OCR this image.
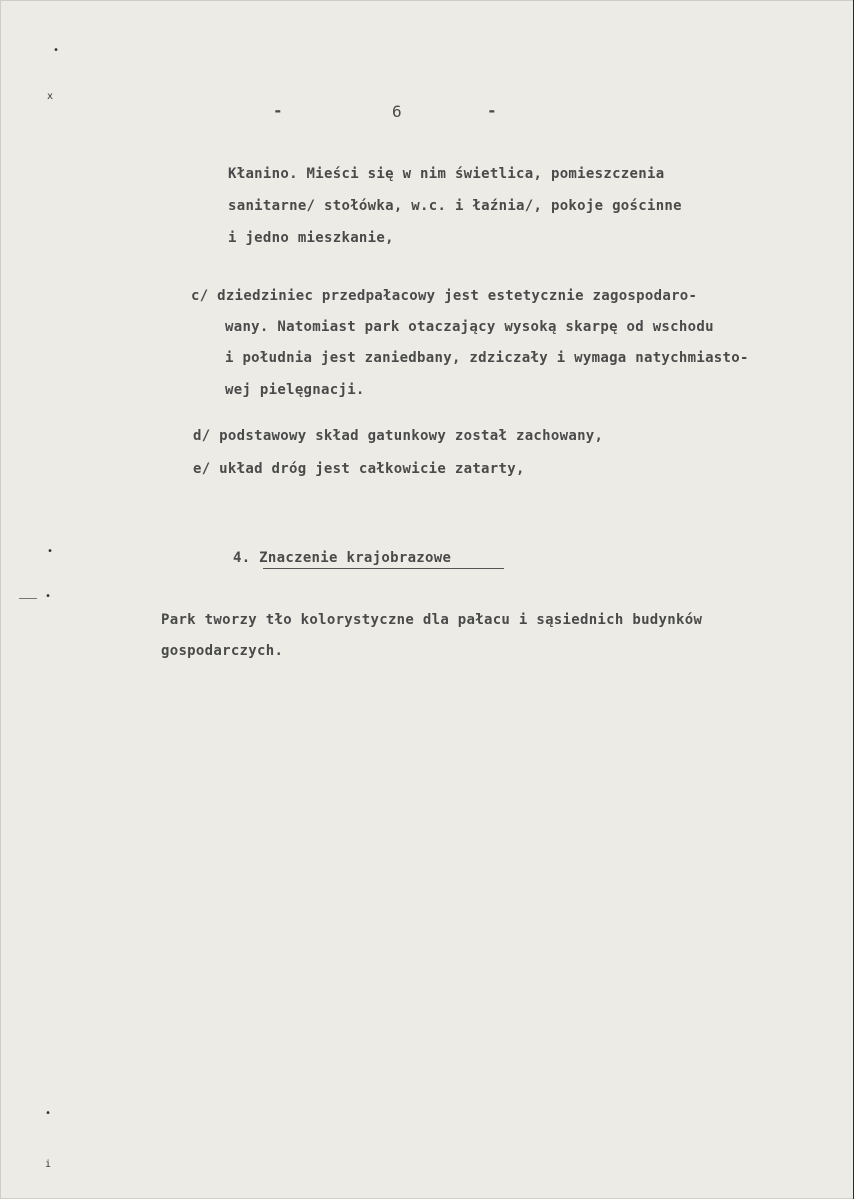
-	6	-
Kłanino. Mieści się w nim świetlica, pomieszczenia
sanitarne/ stołówka, w.c. i łaźnia/, pokoje gościnne
i jedno mieszkanie,
c/ dziedziniec przedpałacowy jest estetycznie zagospodaro-
wany. Natomiast park otaczający wysoką skarpę od wschodu
i południa jest zaniedbany, zdziczały i wymaga natychmiasto-
wej pielęgnacji.
d/ podstawowy skład gatunkowy został zachowany,
e/ układ dróg jest całkowicie zatarty,
4. Znaczenie krajobrazowe
Park tworzy tło kolorystyczne dla pałacu i sąsiednich budynków
gospodarczych.
•
x
•
•
•
i
